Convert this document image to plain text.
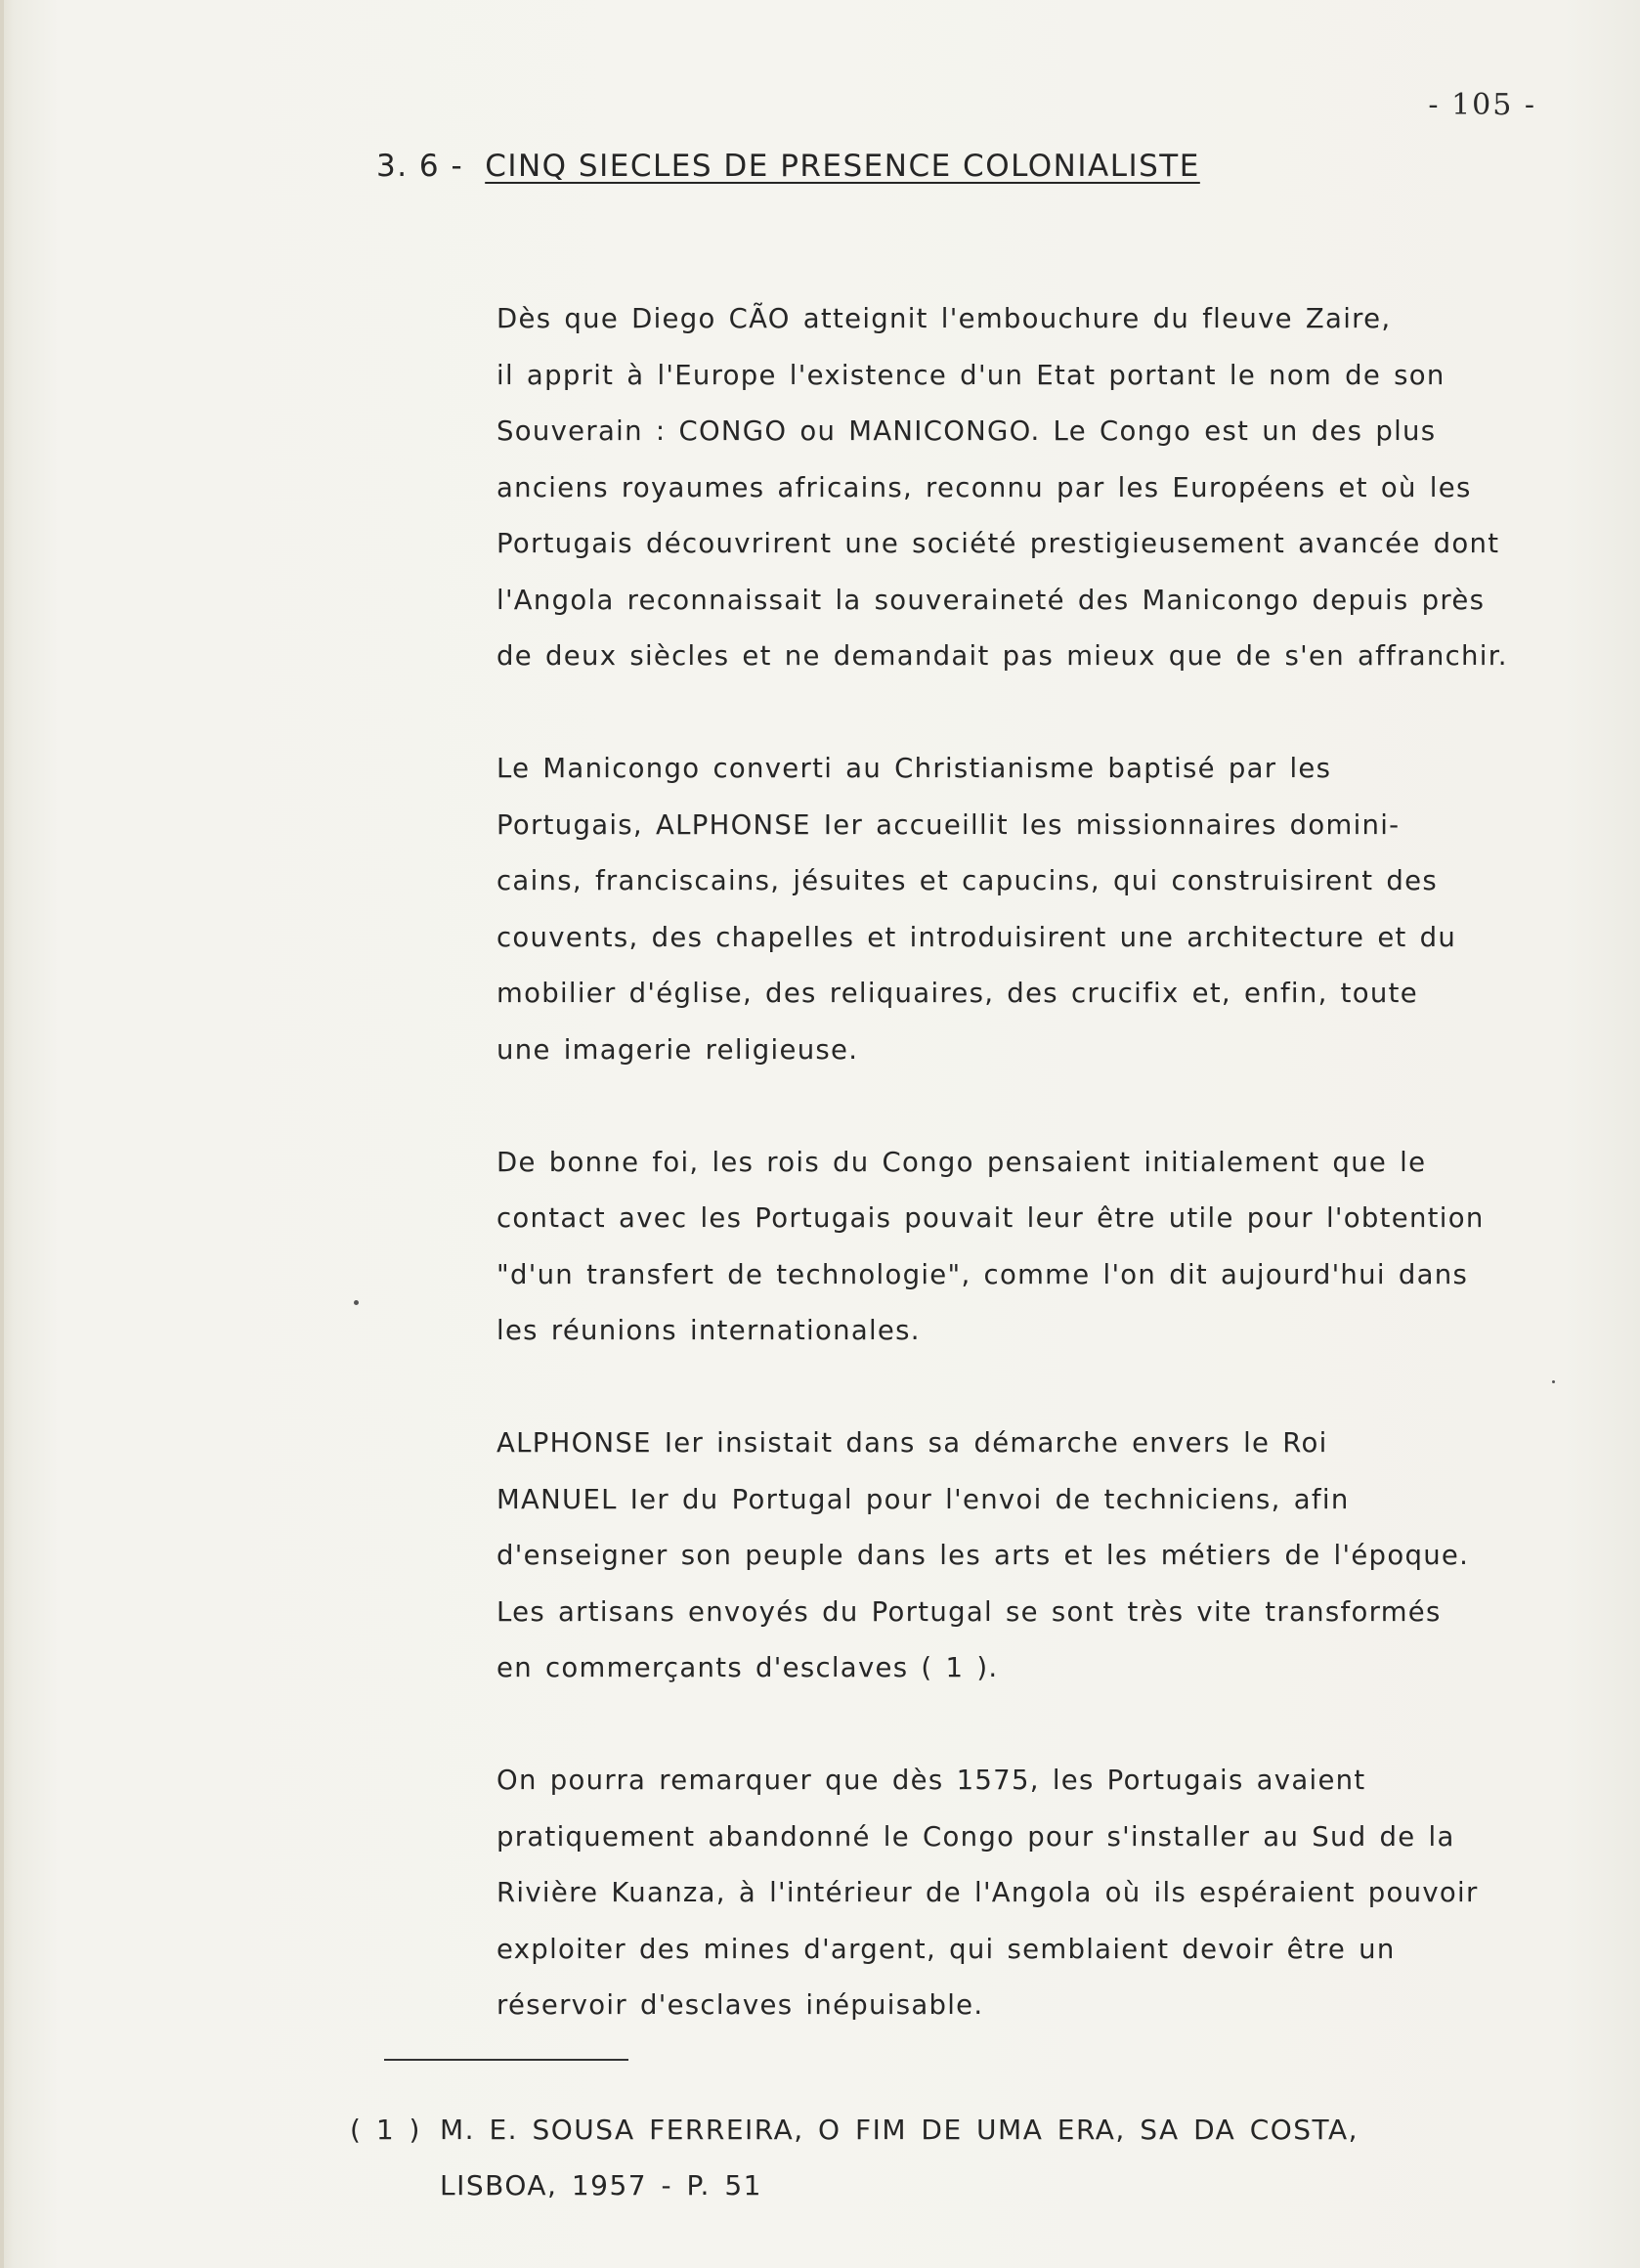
- 105 -
3. 6 - CINQ SIECLES DE PRESENCE COLONIALISTE

Dès que Diego CÃO atteignit l'embouchure du fleuve Zaire,
il apprit à l'Europe l'existence d'un Etat portant le nom de son
Souverain : CONGO ou MANICONGO. Le Congo est un des plus
anciens royaumes africains, reconnu par les Européens et où les
Portugais découvrirent une société prestigieusement avancée dont
l'Angola reconnaissait la souveraineté des Manicongo depuis près
de deux siècles et ne demandait pas mieux que de s'en affranchir.

Le Manicongo converti au Christianisme baptisé par les
Portugais, ALPHONSE Ier accueillit les missionnaires domini-
cains, franciscains, jésuites et capucins, qui construisirent des
couvents, des chapelles et introduisirent une architecture et du
mobilier d'église, des reliquaires, des crucifix et, enfin, toute
une imagerie religieuse.

De bonne foi, les rois du Congo pensaient initialement que le
contact avec les Portugais pouvait leur être utile pour l'obtention
"d'un transfert de technologie", comme l'on dit aujourd'hui dans
les réunions internationales.

ALPHONSE Ier insistait dans sa démarche envers le Roi
MANUEL Ier du Portugal pour l'envoi de techniciens, afin
d'enseigner son peuple dans les arts et les métiers de l'époque.
Les artisans envoyés du Portugal se sont très vite transformés
en commerçants d'esclaves ( 1 ).

On pourra remarquer que dès 1575, les Portugais avaient
pratiquement abandonné le Congo pour s'installer au Sud de la
Rivière Kuanza, à l'intérieur de l'Angola où ils espéraient pouvoir
exploiter des mines d'argent, qui semblaient devoir être un
réservoir d'esclaves inépuisable.

( 1 ) M. E. SOUSA FERREIRA, O FIM DE UMA ERA, SA DA COSTA,
LISBOA, 1957 - P. 51
